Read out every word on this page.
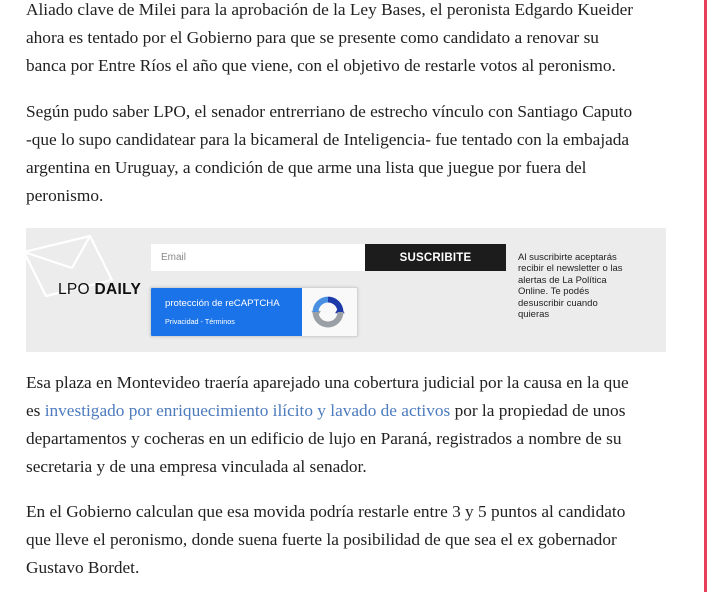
Aliado clave de Milei para la aprobación de la Ley Bases, el peronista Edgardo Kueider
ahora es tentado por el Gobierno para que se presente como candidato a renovar su
banca por Entre Ríos el año que viene, con el objetivo de restarle votos al peronismo.

Según pudo saber LPO, el senador entrerriano de estrecho vínculo con Santiago Caputo
-que lo supo candidatear para la bicameral de Inteligencia- fue tentado con la embajada
argentina en Uruguay, a condición de que arme una lista que juegue por fuera del
peronismo.

LPO DAILY
Email
SUSCRIBITE	Al suscribirte aceptarás
recibir el newsletter o las
alertas de La Política
Online. Te podés
desuscribir cuando
quieras
protección de reCAPTCHA
Privacidad - Términos

Esa plaza en Montevideo traería aparejado una cobertura judicial por la causa en la que
es investigado por enriquecimiento ilícito y lavado de activos por la propiedad de unos
departamentos y cocheras en un edificio de lujo en Paraná, registrados a nombre de su
secretaria y de una empresa vinculada al senador.

En el Gobierno calculan que esa movida podría restarle entre 3 y 5 puntos al candidato
que lleve el peronismo, donde suena fuerte la posibilidad de que sea el ex gobernador
Gustavo Bordet.
